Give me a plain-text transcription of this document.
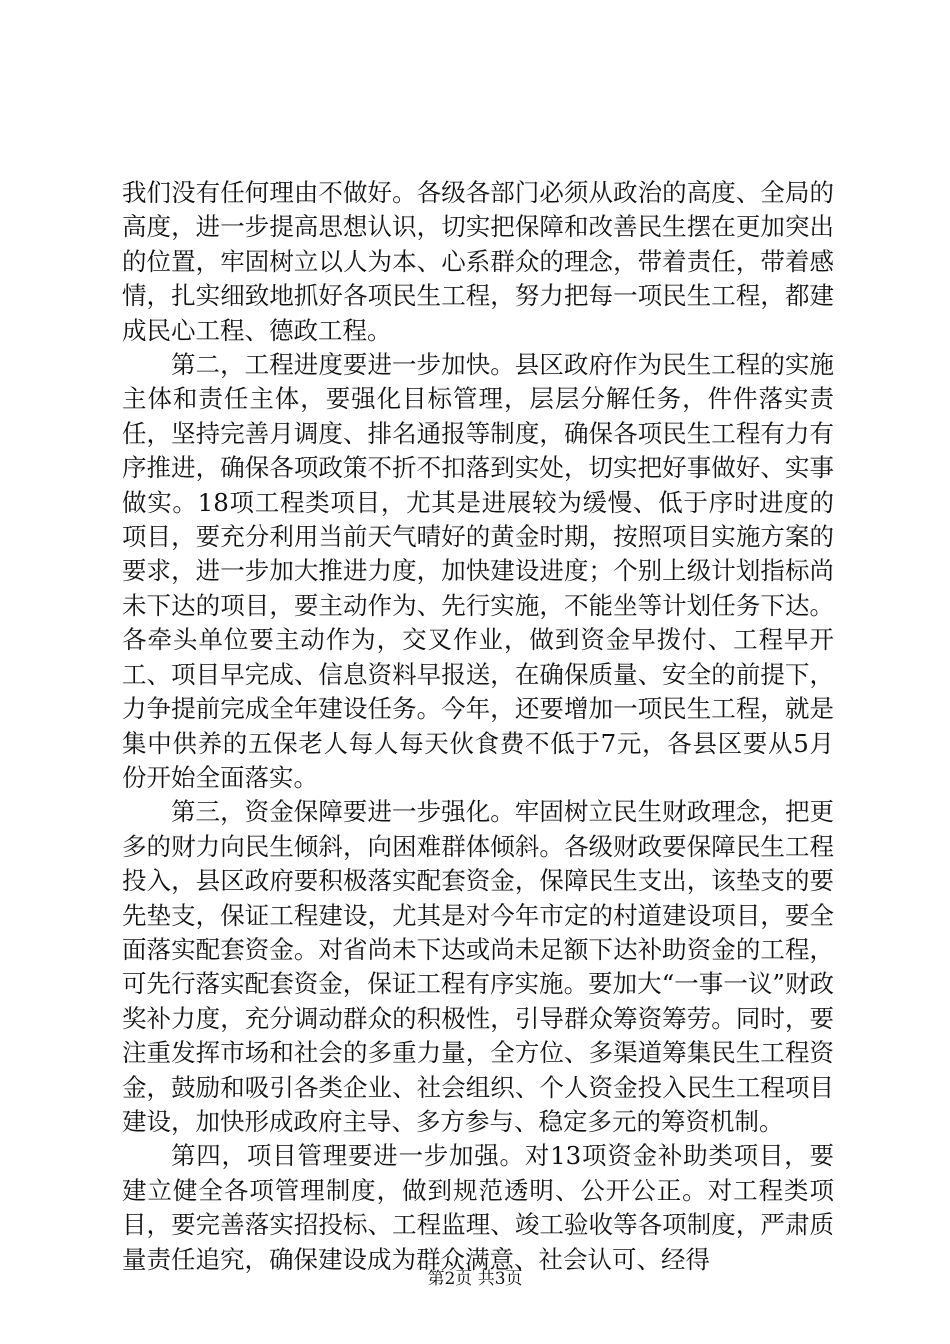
我们没有任何理由不做好。各级各部门必须从政治的高度、全局的高度，进一步提高思想认识，切实把保障和改善民生摆在更加突出的位置，牢固树立以人为本、心系群众的理念，带着责任，带着感情，扎实细致地抓好各项民生工程，努力把每一项民生工程，都建成民心工程、德政工程。

第二，工程进度要进一步加快。县区政府作为民生工程的实施主体和责任主体，要强化目标管理，层层分解任务，件件落实责任，坚持完善月调度、排名通报等制度，确保各项民生工程有力有序推进，确保各项政策不折不扣落到实处，切实把好事做好、实事做实。18项工程类项目，尤其是进展较为缓慢、低于序时进度的项目，要充分利用当前天气晴好的黄金时期，按照项目实施方案的要求，进一步加大推进力度，加快建设进度；个别上级计划指标尚未下达的项目，要主动作为、先行实施，不能坐等计划任务下达。各牵头单位要主动作为，交叉作业，做到资金早拨付、工程早开工、项目早完成、信息资料早报送，在确保质量、安全的前提下，力争提前完成全年建设任务。今年，还要增加一项民生工程，就是集中供养的五保老人每人每天伙食费不低于7元，各县区要从5月份开始全面落实。

第三，资金保障要进一步强化。牢固树立民生财政理念，把更多的财力向民生倾斜，向困难群体倾斜。各级财政要保障民生工程投入，县区政府要积极落实配套资金，保障民生支出，该垫支的要先垫支，保证工程建设，尤其是对今年市定的村道建设项目，要全面落实配套资金。对省尚未下达或尚未足额下达补助资金的工程，可先行落实配套资金，保证工程有序实施。要加大“一事一议”财政奖补力度，充分调动群众的积极性，引导群众筹资筹劳。同时，要注重发挥市场和社会的多重力量，全方位、多渠道筹集民生工程资金，鼓励和吸引各类企业、社会组织、个人资金投入民生工程项目建设，加快形成政府主导、多方参与、稳定多元的筹资机制。

第四，项目管理要进一步加强。对13项资金补助类项目，要建立健全各项管理制度，做到规范透明、公开公正。对工程类项目，要完善落实招投标、工程监理、竣工验收等各项制度，严肃质量责任追究，确保建设成为群众满意、社会认可、经得

第2页 共3页
